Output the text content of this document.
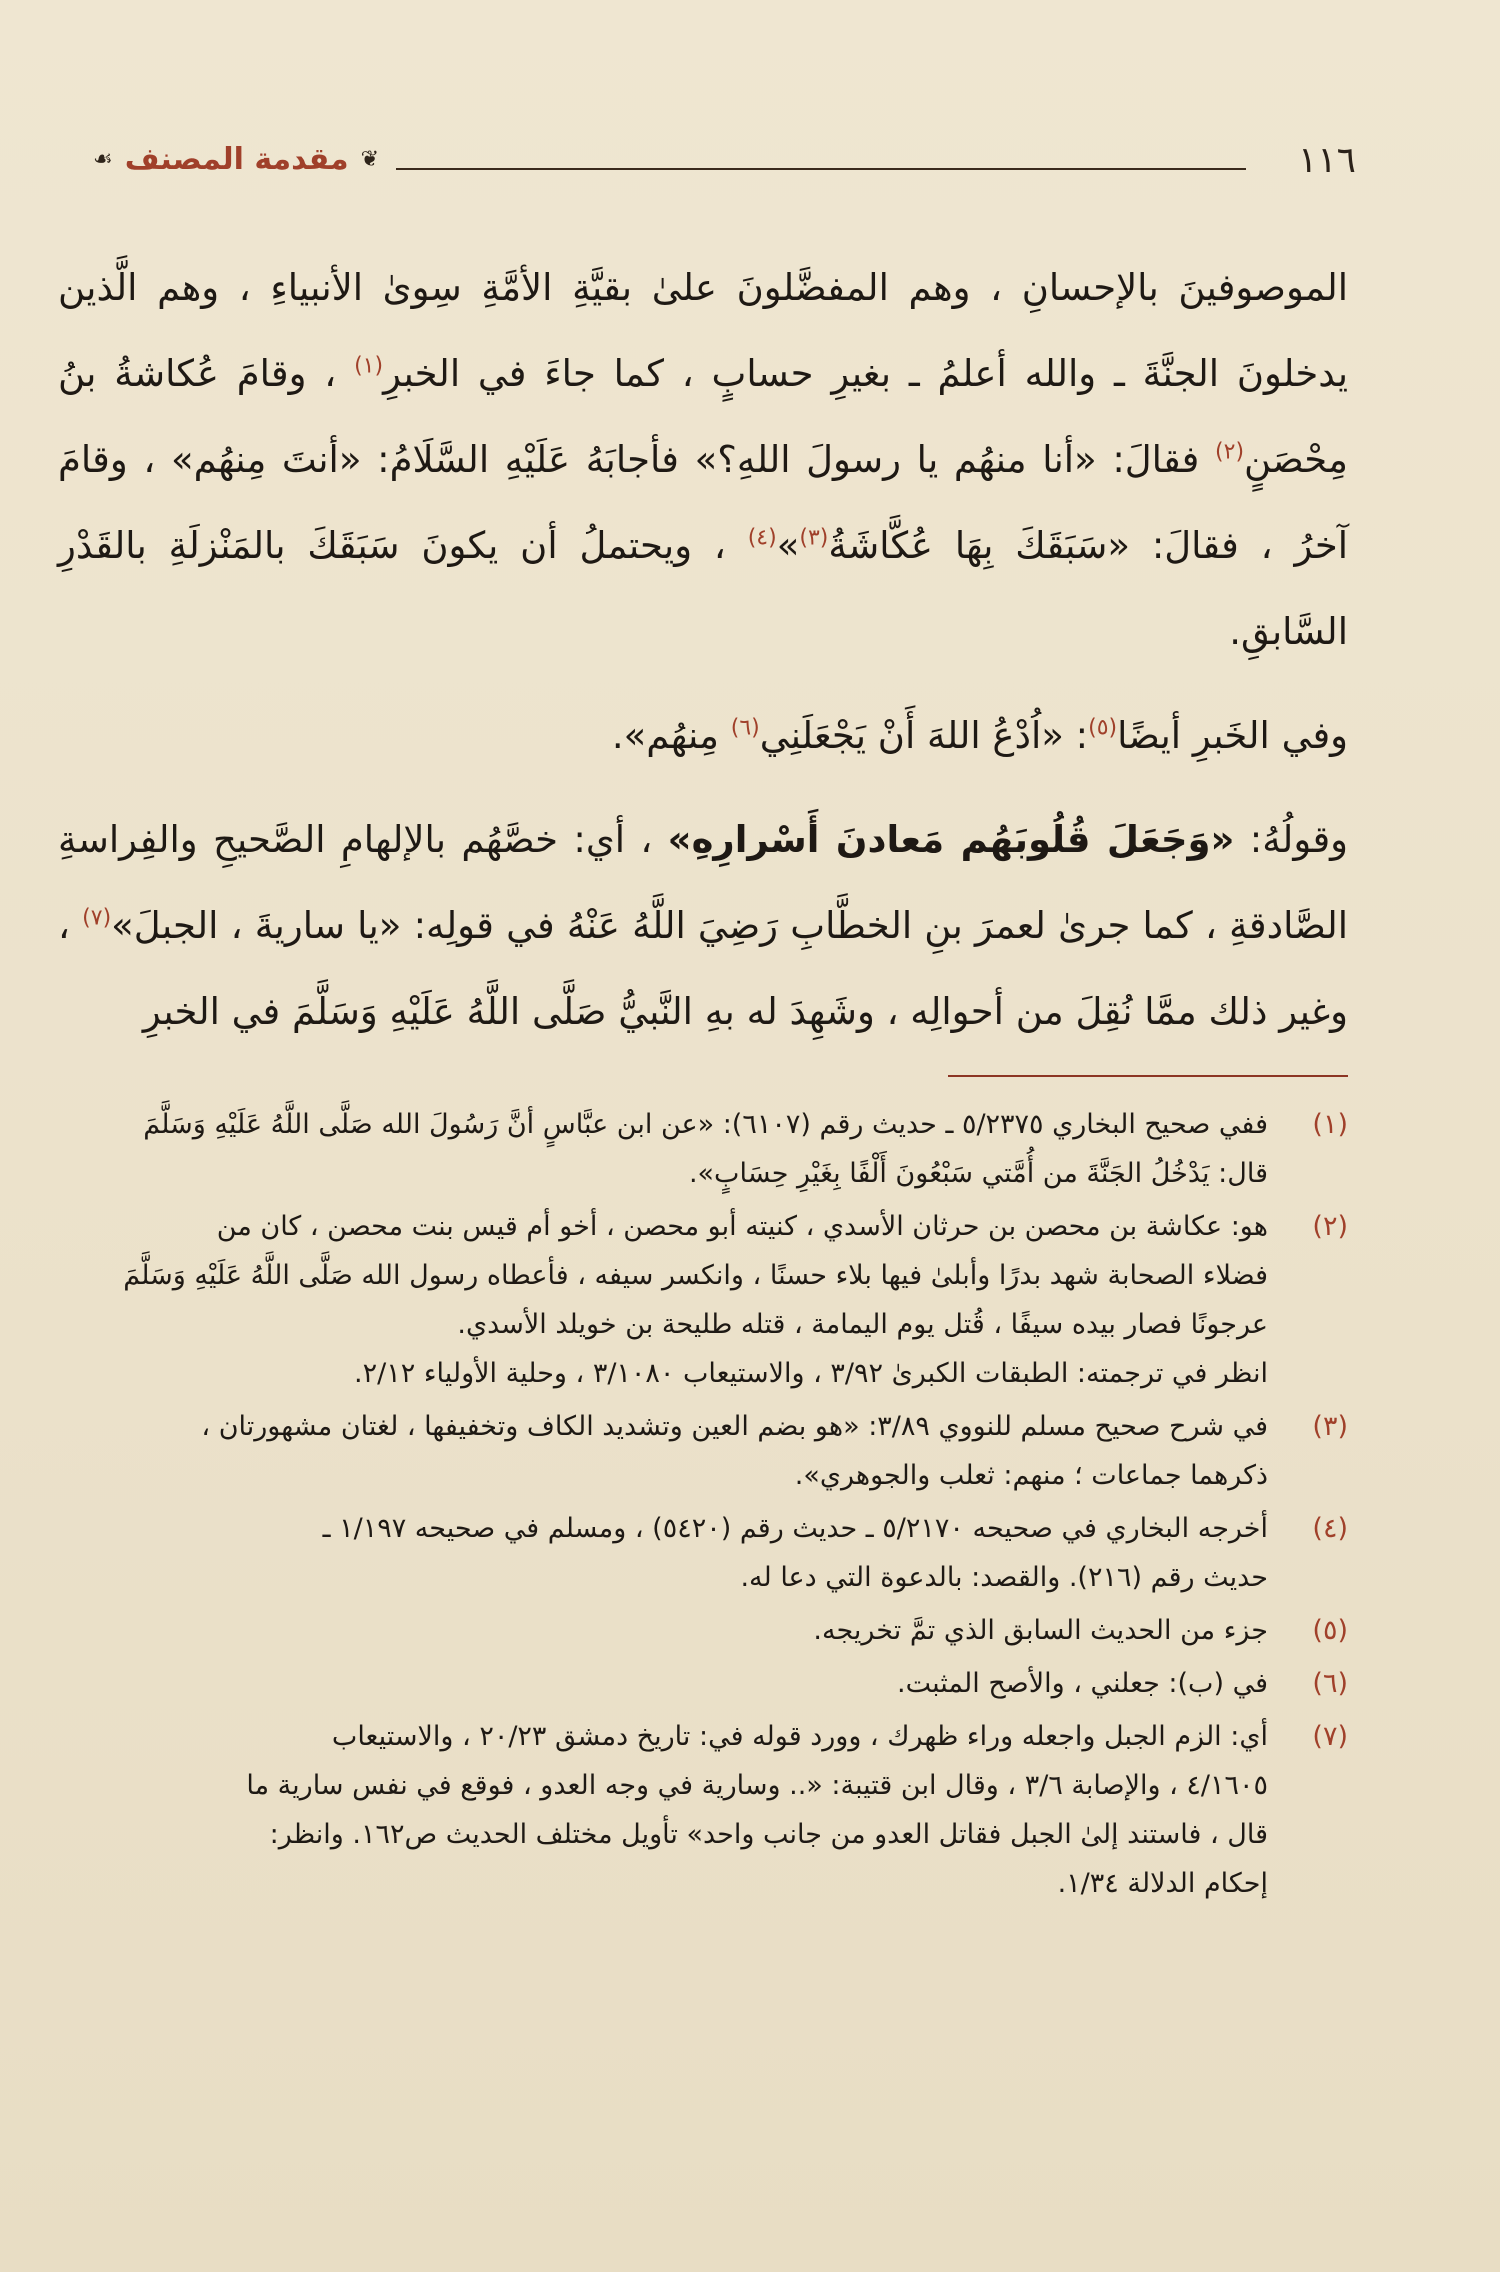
١١٦
❦
مقدمة المصنف
☙

الموصوفينَ بالإحسانِ ، وهم المفضَّلونَ علىٰ بقيَّةِ الأمَّةِ سِوىٰ الأنبياءِ ، وهم الَّذين يدخلونَ الجنَّةَ ـ والله أعلمُ ـ بغيرِ حسابٍ ، كما جاءَ في الخبرِ$^{(١)}$ ، وقامَ عُكاشةُ بنُ مِحْصَنٍ$^{(٢)}$ فقالَ: «أنا منهُم يا رسولَ اللهِ؟» فأجابَهُ عَلَيْهِ السَّلَامُ: «أنتَ مِنهُم» ، وقامَ آخرُ ، فقالَ: «سَبَقَكَ بِهَا عُكَّاشَةُ$^{(٣)}$»$^{(٤)}$ ، ويحتملُ أن يكونَ سَبَقَكَ بالمَنْزلَةِ بالقَدْرِ السَّابقِ.

وفي الخَبرِ أيضًا$^{(٥)}$: «اُدْعُ اللهَ أَنْ يَجْعَلَنِي$^{(٦)}$ مِنهُم».

وقولُهُ: «وَجَعَلَ قُلُوبَهُم مَعادنَ أَسْرارِهِ» ، أي: خصَّهُم بالإلهامِ الصَّحيحِ والفِراسةِ الصَّادقةِ ، كما جرىٰ لعمرَ بنِ الخطَّابِ رَضِيَ اللَّهُ عَنْهُ في قولِه: «يا ساريةَ ، الجبلَ»$^{(٧)}$ ، وغير ذلك ممَّا نُقِلَ من أحوالِه ، وشَهِدَ له بهِ النَّبيُّ صَلَّى اللَّهُ عَلَيْهِ وَسَلَّمَ في الخبرِ

(١)
ففي صحيح البخاري ٥/٢٣٧٥ ـ حديث رقم (٦١٠٧): «عن ابن عبَّاسٍ أنَّ رَسُولَ الله صَلَّى اللَّهُ عَلَيْهِ وَسَلَّمَ
قال: يَدْخُلُ الجَنَّةَ من أُمَّتي سَبْعُونَ أَلْفًا بِغَيْرِ حِسَابٍ».
(٢)
هو: عكاشة بن محصن بن حرثان الأسدي ، كنيته أبو محصن ، أخو أم قيس بنت محصن ، كان من
فضلاء الصحابة شهد بدرًا وأبلىٰ فيها بلاء حسنًا ، وانكسر سيفه ، فأعطاه رسول الله صَلَّى اللَّهُ عَلَيْهِ وَسَلَّمَ
عرجونًا فصار بيده سيفًا ، قُتل يوم اليمامة ، قتله طليحة بن خويلد الأسدي.
انظر في ترجمته: الطبقات الكبرىٰ ٣/٩٢ ، والاستيعاب ٣/١٠٨٠ ، وحلية الأولياء ٢/١٢.
(٣)
في شرح صحيح مسلم للنووي ٣/٨٩: «هو بضم العين وتشديد الكاف وتخفيفها ، لغتان مشهورتان ،
ذكرهما جماعات ؛ منهم: ثعلب والجوهري».
(٤)
أخرجه البخاري في صحيحه ٥/٢١٧٠ ـ حديث رقم (٥٤٢٠) ، ومسلم في صحيحه ١/١٩٧ ـ
حديث رقم (٢١٦). والقصد: بالدعوة التي دعا له.
(٥)
جزء من الحديث السابق الذي تمَّ تخريجه.
(٦)
في (ب): جعلني ، والأصح المثبت.
(٧)
أي: الزم الجبل واجعله وراء ظهرك ، وورد قوله في: تاريخ دمشق ٢٠/٢٣ ، والاستيعاب
٤/١٦٠٥ ، والإصابة ٣/٦ ، وقال ابن قتيبة: «.. وسارية في وجه العدو ، فوقع في نفس سارية ما
قال ، فاستند إلىٰ الجبل فقاتل العدو من جانب واحد» تأويل مختلف الحديث ص١٦٢. وانظر:
إحكام الدلالة ١/٣٤.
